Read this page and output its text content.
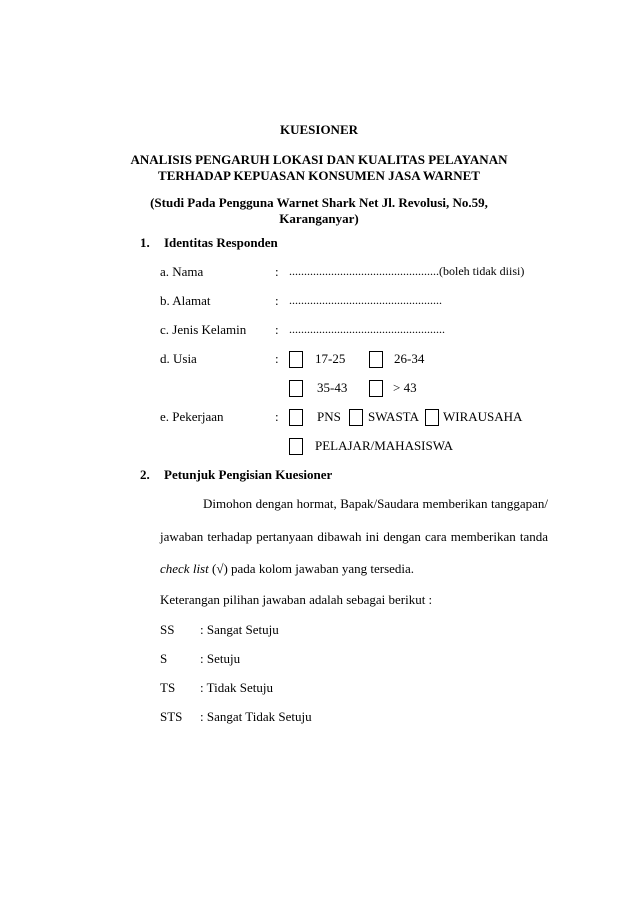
KUESIONER
ANALISIS PENGARUH LOKASI DAN KUALITAS PELAYANAN
TERHADAP KEPUASAN KONSUMEN JASA WARNET
(Studi Pada Pengguna Warnet Shark Net Jl. Revolusi, No.59,
Karanganyar)
1. Identitas Responden
a. Nama	: ..................................................(boleh tidak diisi)
b. Alamat	: ...................................................
c. Jenis Kelamin : ....................................................
d. Usia	:	17-25	26-34
35-43	> 43
e. Pekerjaan	:	PNS SWASTA WIRAUSAHA
PELAJAR/MAHASISWA
2. Petunjuk Pengisian Kuesioner
Dimohon dengan hormat, Bapak/Saudara memberikan tanggapan/
jawaban terhadap pertanyaan dibawah ini dengan cara memberikan tanda
check list (√) pada kolom jawaban yang tersedia.
Keterangan pilihan jawaban adalah sebagai berikut :
SS : Sangat Setuju
S	: Setuju
TS : Tidak Setuju
STS : Sangat Tidak Setuju
